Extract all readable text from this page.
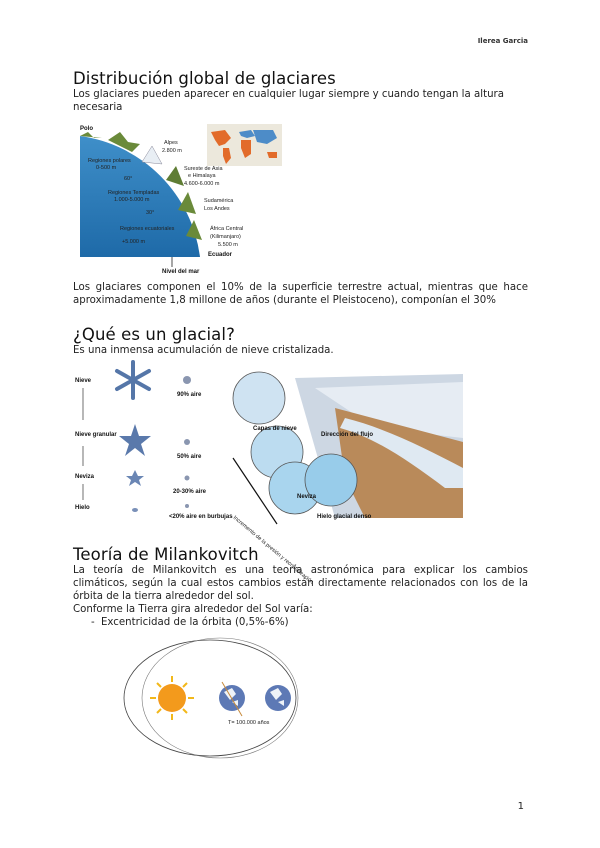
Ilerea Garcia
Distribución global de glaciares
Los glaciares pueden aparecer en cualquier lugar siempre y cuando tengan la altura necesaria
Polo
Regiones polares
0-500 m
60°
Regiones Templadas
1.000-5.000 m
30°
Regiones ecuatoriales
+5.000 m
Alpes
2.800 m
Sureste de Asia
e Himalaya
4.600-6.000 m
Sudamérica
Los Andes
África Central
(Kilimanjaro)
5.500 m
Ecuador
Nivel del mar
Los glaciares componen el 10% de la superficie terrestre actual, mientras que hace aproximadamente 1,8 millone de años (durante el Pleistoceno), componían el 30%
¿Qué es un glacial?
Es una inmensa acumulación de nieve cristalizada.
Nieve
Nieve granular
Neviza
Hielo
90% aire
50% aire
20-30% aire
<20% aire en burbujas
Capas de nieve
Dirección del flujo
Neviza
Hielo glacial denso
Incremento de la presión y recristalización
Teoría de Milankovitch
La teoría de Milankovitch es una teoría astronómica para explicar los cambios climáticos, según la cual estos cambios están directamente relacionados con los de la órbita de la tierra alrededor del sol.
Conforme la Tierra gira alrededor del Sol varía:
- Excentricidad de la órbita (0,5%-6%)
T= 100.000 años
1
